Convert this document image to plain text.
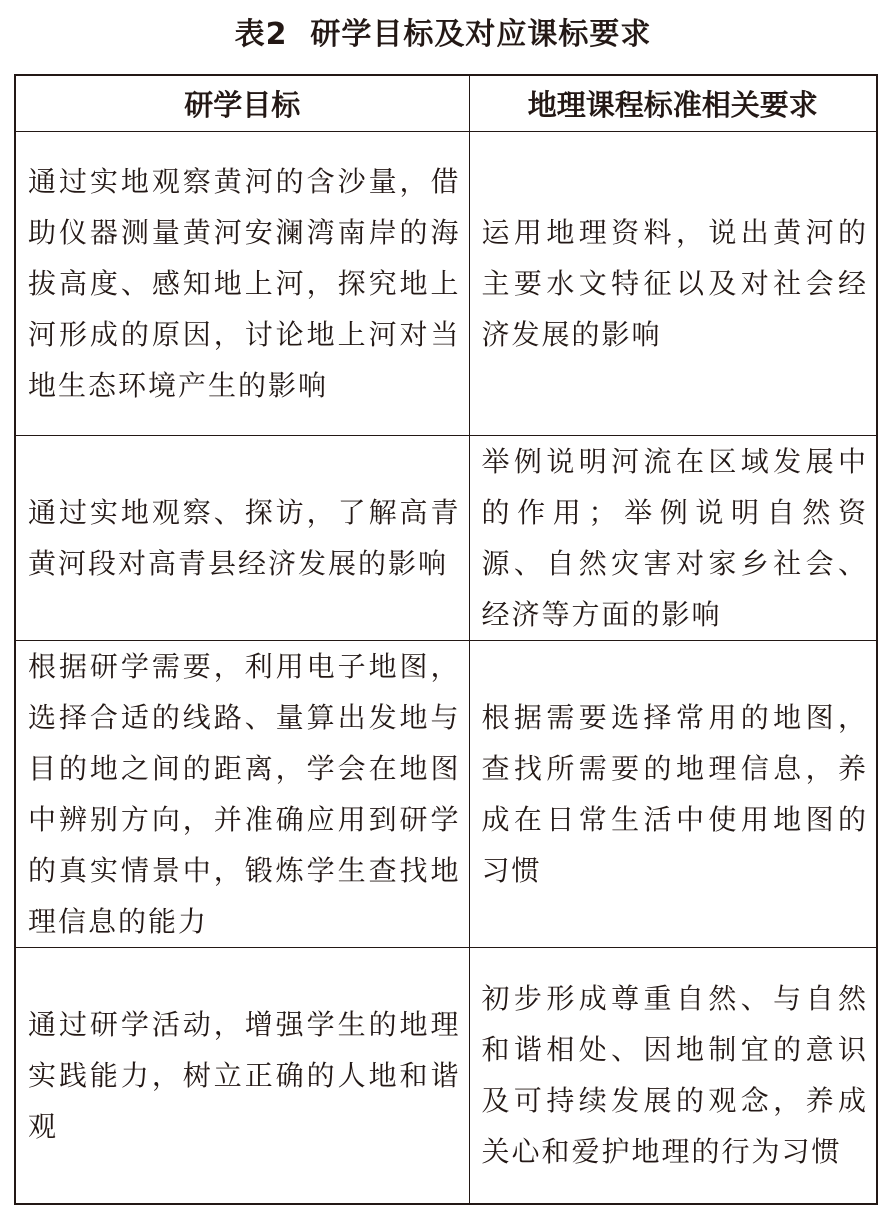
表2  研学目标及对应课标要求
研学目标	地理课程标准相关要求
通过实地观察黄河的含沙量，借助仪器测量黄河安澜湾南岸的海拔高度、感知地上河，探究地上河形成的原因，讨论地上河对当地生态环境产生的影响	运用地理资料，说出黄河的主要水文特征以及对社会经济发展的影响
通过实地观察、探访，了解高青黄河段对高青县经济发展的影响	举例说明河流在区域发展中的作用；举例说明自然资源、自然灾害对家乡社会、经济等方面的影响
根据研学需要，利用电子地图，选择合适的线路、量算出发地与目的地之间的距离，学会在地图中辨别方向，并准确应用到研学的真实情景中，锻炼学生查找地理信息的能力	根据需要选择常用的地图，查找所需要的地理信息，养成在日常生活中使用地图的习惯
通过研学活动，增强学生的地理实践能力，树立正确的人地和谐观	初步形成尊重自然、与自然和谐相处、因地制宜的意识及可持续发展的观念，养成关心和爱护地理的行为习惯
